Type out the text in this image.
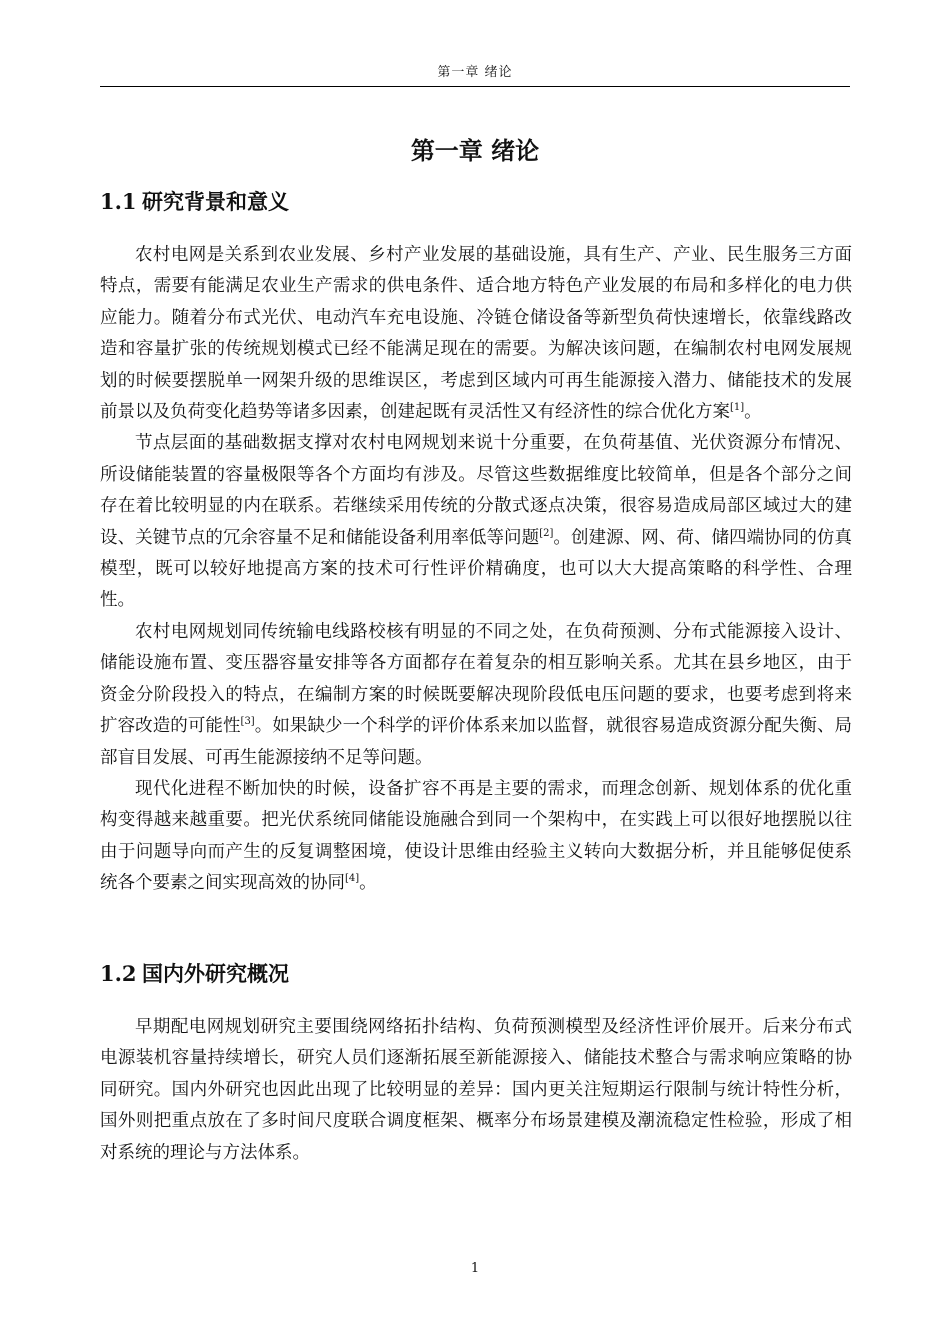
第一章 绪论
第一章 绪论
1.1 研究背景和意义

农村电网是关系到农业发展、乡村产业发展的基础设施，具有生产、产业、民生服务三方面特点，需要有能满足农业生产需求的供电条件、适合地方特色产业发展的布局和多样化的电力供应能力。随着分布式光伏、电动汽车充电设施、冷链仓储设备等新型负荷快速增长，依靠线路改造和容量扩张的传统规划模式已经不能满足现在的需要。为解决该问题，在编制农村电网发展规划的时候要摆脱单一网架升级的思维误区，考虑到区域内可再生能源接入潜力、储能技术的发展前景以及负荷变化趋势等诸多因素，创建起既有灵活性又有经济性的综合优化方案[1]。

节点层面的基础数据支撑对农村电网规划来说十分重要，在负荷基值、光伏资源分布情况、所设储能装置的容量极限等各个方面均有涉及。尽管这些数据维度比较简单，但是各个部分之间存在着比较明显的内在联系。若继续采用传统的分散式逐点决策，很容易造成局部区域过大的建设、关键节点的冗余容量不足和储能设备利用率低等问题[2]。创建源、网、荷、储四端协同的仿真模型，既可以较好地提高方案的技术可行性评价精确度，也可以大大提高策略的科学性、合理性。

农村电网规划同传统输电线路校核有明显的不同之处，在负荷预测、分布式能源接入设计、储能设施布置、变压器容量安排等各方面都存在着复杂的相互影响关系。尤其在县乡地区，由于资金分阶段投入的特点，在编制方案的时候既要解决现阶段低电压问题的要求，也要考虑到将来扩容改造的可能性[3]。如果缺少一个科学的评价体系来加以监督，就很容易造成资源分配失衡、局部盲目发展、可再生能源接纳不足等问题。

现代化进程不断加快的时候，设备扩容不再是主要的需求，而理念创新、规划体系的优化重构变得越来越重要。把光伏系统同储能设施融合到同一个架构中，在实践上可以很好地摆脱以往由于问题导向而产生的反复调整困境，使设计思维由经验主义转向大数据分析，并且能够促使系统各个要素之间实现高效的协同[4]。

1.2 国内外研究概况

早期配电网规划研究主要围绕网络拓扑结构、负荷预测模型及经济性评价展开。后来分布式电源装机容量持续增长，研究人员们逐渐拓展至新能源接入、储能技术整合与需求响应策略的协同研究。国内外研究也因此出现了比较明显的差异：国内更关注短期运行限制与统计特性分析，国外则把重点放在了多时间尺度联合调度框架、概率分布场景建模及潮流稳定性检验，形成了相对系统的理论与方法体系。

1
